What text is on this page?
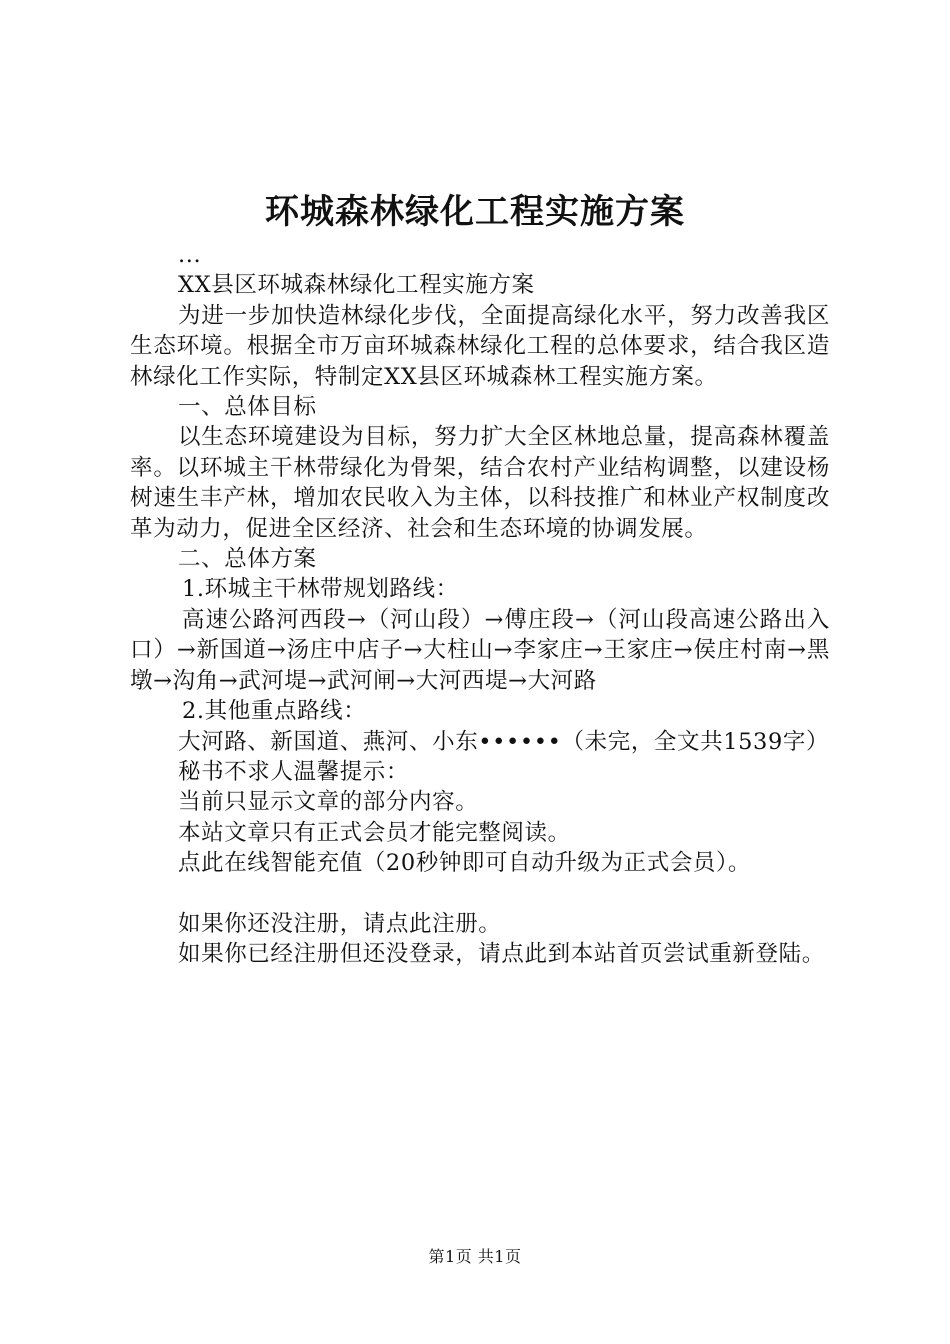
环城森林绿化工程实施方案

...

XX县区环城森林绿化工程实施方案

为进一步加快造林绿化步伐，全面提高绿化水平，努力改善我区生态环境。根据全市万亩环城森林绿化工程的总体要求，结合我区造林绿化工作实际，特制定XX县区环城森林工程实施方案。

一、总体目标

以生态环境建设为目标，努力扩大全区林地总量，提高森林覆盖率。以环城主干林带绿化为骨架，结合农村产业结构调整，以建设杨树速生丰产林，增加农民收入为主体，以科技推广和林业产权制度改革为动力，促进全区经济、社会和生态环境的协调发展。

二、总体方案

1.环城主干林带规划路线：

高速公路河西段→（河山段）→傅庄段→（河山段高速公路出入口）→新国道→汤庄中店子→大柱山→李家庄→王家庄→侯庄村南→黑墩→沟角→武河堤→武河闸→大河西堤→大河路

2.其他重点路线：

大河路、新国道、燕河、小东••••••（未完，全文共1539字）

秘书不求人温馨提示：

当前只显示文章的部分内容。

本站文章只有正式会员才能完整阅读。

点此在线智能充值（20秒钟即可自动升级为正式会员）。

如果你还没注册，请点此注册。

如果你已经注册但还没登录，请点此到本站首页尝试重新登陆。

第1页 共1页
